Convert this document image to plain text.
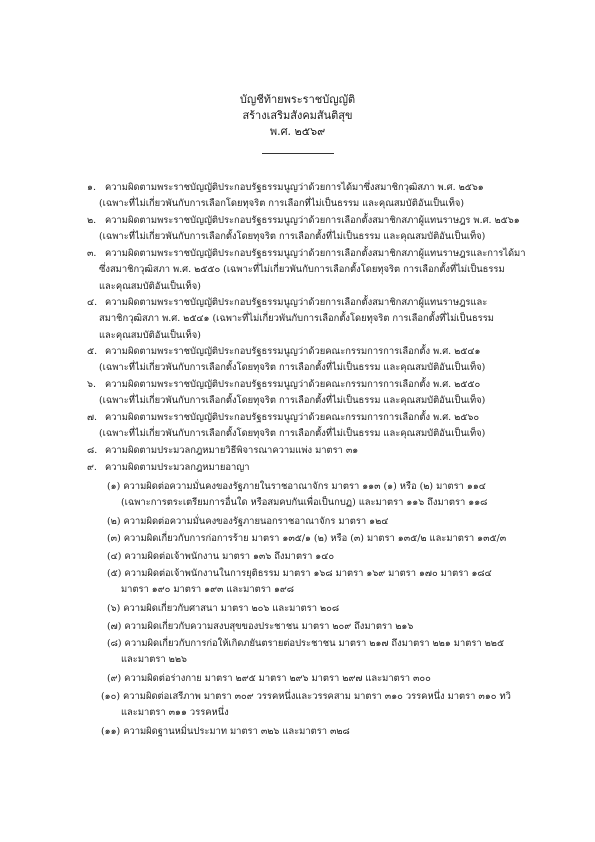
บัญชีท้ายพระราชบัญญัติ

สร้างเสริมสังคมสันติสุข

พ.ศ. ๒๕๖๙

๑. ความผิดตามพระราชบัญญัติประกอบรัฐธรรมนูญว่าด้วยการได้มาซึ่งสมาชิกวุฒิสภา พ.ศ. ๒๕๖๑
(เฉพาะที่ไม่เกี่ยวพันกับการเลือกโดยทุจริต การเลือกที่ไม่เป็นธรรม และคุณสมบัติอันเป็นเท็จ)
๒. ความผิดตามพระราชบัญญัติประกอบรัฐธรรมนูญว่าด้วยการเลือกตั้งสมาชิกสภาผู้แทนราษฎร พ.ศ. ๒๕๖๑
(เฉพาะที่ไม่เกี่ยวพันกับการเลือกตั้งโดยทุจริต การเลือกตั้งที่ไม่เป็นธรรม และคุณสมบัติอันเป็นเท็จ)
๓. ความผิดตามพระราชบัญญัติประกอบรัฐธรรมนูญว่าด้วยการเลือกตั้งสมาชิกสภาผู้แทนราษฎรและการได้มา
ซึ่งสมาชิกวุฒิสภา พ.ศ. ๒๕๕๐ (เฉพาะที่ไม่เกี่ยวพันกับการเลือกตั้งโดยทุจริต การเลือกตั้งที่ไม่เป็นธรรม
และคุณสมบัติอันเป็นเท็จ)
๔. ความผิดตามพระราชบัญญัติประกอบรัฐธรรมนูญว่าด้วยการเลือกตั้งสมาชิกสภาผู้แทนราษฎรและ
สมาชิกวุฒิสภา พ.ศ. ๒๕๔๑ (เฉพาะที่ไม่เกี่ยวพันกับการเลือกตั้งโดยทุจริต การเลือกตั้งที่ไม่เป็นธรรม
และคุณสมบัติอันเป็นเท็จ)
๕. ความผิดตามพระราชบัญญัติประกอบรัฐธรรมนูญว่าด้วยคณะกรรมการการเลือกตั้ง พ.ศ. ๒๕๔๑
(เฉพาะที่ไม่เกี่ยวพันกับการเลือกตั้งโดยทุจริต การเลือกตั้งที่ไม่เป็นธรรม และคุณสมบัติอันเป็นเท็จ)
๖. ความผิดตามพระราชบัญญัติประกอบรัฐธรรมนูญว่าด้วยคณะกรรมการการเลือกตั้ง พ.ศ. ๒๕๕๐
(เฉพาะที่ไม่เกี่ยวพันกับการเลือกตั้งโดยทุจริต การเลือกตั้งที่ไม่เป็นธรรม และคุณสมบัติอันเป็นเท็จ)
๗. ความผิดตามพระราชบัญญัติประกอบรัฐธรรมนูญว่าด้วยคณะกรรมการการเลือกตั้ง พ.ศ. ๒๕๖๐
(เฉพาะที่ไม่เกี่ยวพันกับการเลือกตั้งโดยทุจริต การเลือกตั้งที่ไม่เป็นธรรม และคุณสมบัติอันเป็นเท็จ)
๘. ความผิดตามประมวลกฎหมายวิธีพิจารณาความแพ่ง มาตรา ๓๑
๙. ความผิดตามประมวลกฎหมายอาญา
(๑) ความผิดต่อความมั่นคงของรัฐภายในราชอาณาจักร มาตรา ๑๑๓ (๑) หรือ (๒) มาตรา ๑๑๔
(เฉพาะการตระเตรียมการอื่นใด หรือสมคบกันเพื่อเป็นกบฏ) และมาตรา ๑๑๖ ถึงมาตรา ๑๑๘
(๒) ความผิดต่อความมั่นคงของรัฐภายนอกราชอาณาจักร มาตรา ๑๒๔
(๓) ความผิดเกี่ยวกับการก่อการร้าย มาตรา ๑๓๕/๑ (๒) หรือ (๓) มาตรา ๑๓๕/๒ และมาตรา ๑๓๕/๓
(๔) ความผิดต่อเจ้าพนักงาน มาตรา ๑๓๖ ถึงมาตรา ๑๔๐
(๕) ความผิดต่อเจ้าพนักงานในการยุติธรรม มาตรา ๑๖๘ มาตรา ๑๖๙ มาตรา ๑๗๐ มาตรา ๑๘๔
มาตรา ๑๙๐ มาตรา ๑๙๓ และมาตรา ๑๙๘
(๖) ความผิดเกี่ยวกับศาสนา มาตรา ๒๐๖ และมาตรา ๒๐๘
(๗) ความผิดเกี่ยวกับความสงบสุขของประชาชน มาตรา ๒๐๙ ถึงมาตรา ๒๑๖
(๘) ความผิดเกี่ยวกับการก่อให้เกิดภยันตรายต่อประชาชน มาตรา ๒๑๗ ถึงมาตรา ๒๒๑ มาตรา ๒๒๕
และมาตรา ๒๒๖
(๙) ความผิดต่อร่างกาย มาตรา ๒๙๕ มาตรา ๒๙๖ มาตรา ๒๙๗ และมาตรา ๓๐๐
(๑๐) ความผิดต่อเสรีภาพ มาตรา ๓๐๙ วรรคหนึ่งและวรรคสาม มาตรา ๓๑๐ วรรคหนึ่ง มาตรา ๓๑๐ ทวิ
และมาตรา ๓๑๑ วรรคหนึ่ง
(๑๑) ความผิดฐานหมิ่นประมาท มาตรา ๓๒๖ และมาตรา ๓๒๘
